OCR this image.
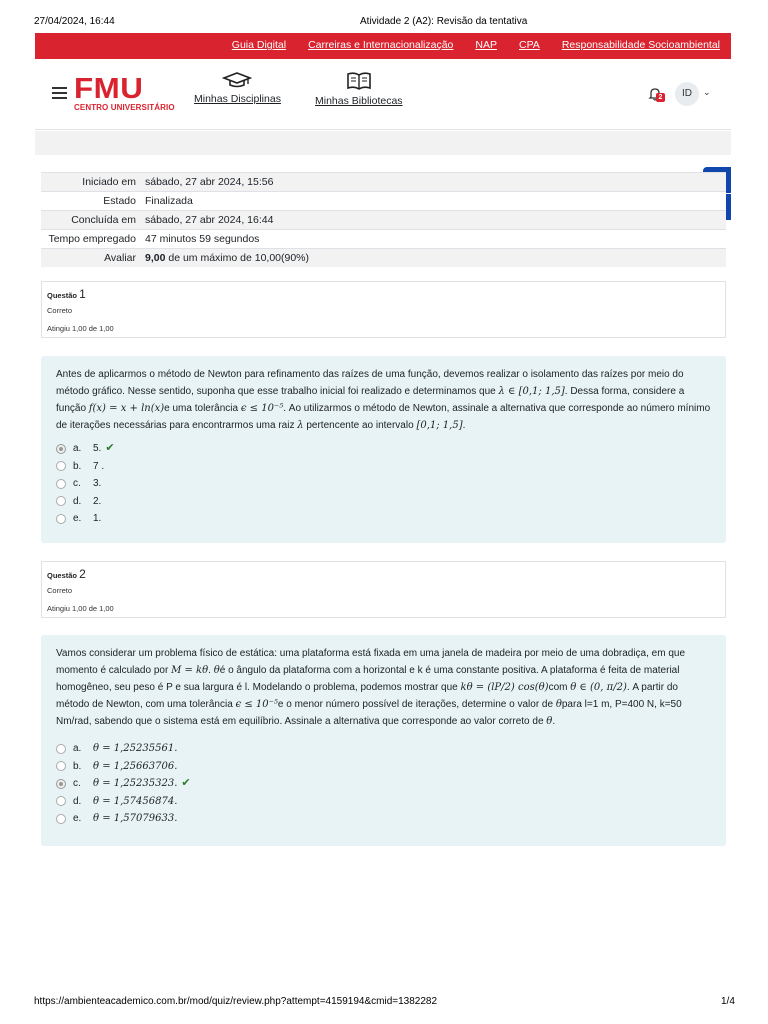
27/04/2024, 16:44	Atividade 2 (A2): Revisão da tentativa
Guia Digital Carreiras e Internacionalização NAP CPA Responsabilidade Socioambiental
FMU
CENTRO UNIVERSITÁRIO
Minhas Disciplinas	Minhas Bibliotecas	2	ID	⌄
Iniciado em sábado, 27 abr 2024, 15:56
Estado Finalizada
Concluída em sábado, 27 abr 2024, 16:44
Tempo empregado 47 minutos 59 segundos
Avaliar 9,00 de um máximo de 10,00(90%)
Questão 1
Correto
Atingiu 1,00 de 1,00

Antes de aplicarmos o método de Newton para refinamento das raízes de uma função, devemos realizar o isolamento das raízes por meio do método gráfico. Nesse sentido, suponha que esse trabalho inicial foi realizado e determinamos que λ ∈ [0,1; 1,5]. Dessa forma, considere a função f(x) = x + ln(x)e uma tolerância ϵ ≤ 10⁻⁵. Ao utilizarmos o método de Newton, assinale a alternativa que corresponde ao número mínimo de iterações necessárias para encontrarmos uma raiz λ pertencente ao intervalo [0,1; 1,5].

a.	5. ✔
b.	7 .
c.	3.
d.	2.
e.	1.
Questão 2
Correto
Atingiu 1,00 de 1,00

Vamos considerar um problema físico de estática: uma plataforma está fixada em uma janela de madeira por meio de uma dobradiça, em que momento é calculado por M = kθ. θé o ângulo da plataforma com a horizontal e k é uma constante positiva. A plataforma é feita de material homogêneo, seu peso é P e sua largura é l. Modelando o problema, podemos mostrar que kθ = (lP/2) cos(θ)com θ ∈ (0, π/2). A partir do método de Newton, com uma tolerância ϵ ≤ 10⁻⁵e o menor número possível de iterações, determine o valor de θpara l=1 m, P=400 N, k=50 Nm/rad, sabendo que o sistema está em equilíbrio. Assinale a alternativa que corresponde ao valor correto de θ.

a.	θ = 1,25235561.
b.	θ = 1,25663706.
c.	θ = 1,25235323. ✔
d.	θ = 1,57456874.
e.	θ = 1,57079633.
https://ambienteacademico.com.br/mod/quiz/review.php?attempt=4159194&cmid=1382282	1/4
